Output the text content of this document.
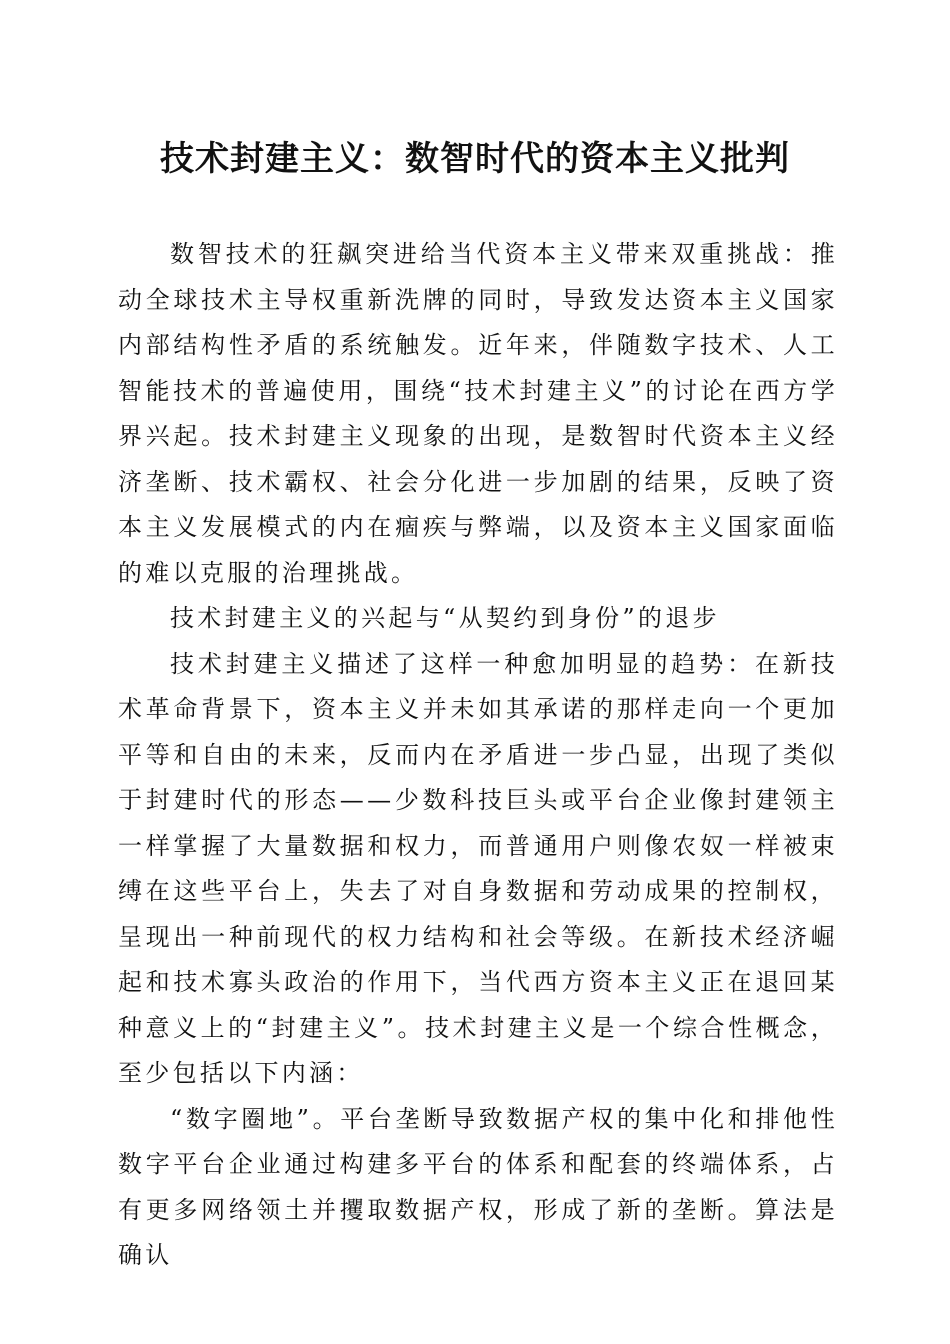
技术封建主义：数智时代的资本主义批判

数智技术的狂飙突进给当代资本主义带来双重挑战：推动全球技术主导权重新洗牌的同时，导致发达资本主义国家内部结构性矛盾的系统触发。近年来，伴随数字技术、人工智能技术的普遍使用，围绕“技术封建主义”的讨论在西方学界兴起。技术封建主义现象的出现，是数智时代资本主义经济垄断、技术霸权、社会分化进一步加剧的结果，反映了资本主义发展模式的内在痼疾与弊端，以及资本主义国家面临的难以克服的治理挑战。

技术封建主义的兴起与“从契约到身份”的退步

技术封建主义描述了这样一种愈加明显的趋势：在新技术革命背景下，资本主义并未如其承诺的那样走向一个更加平等和自由的未来，反而内在矛盾进一步凸显，出现了类似于封建时代的形态——少数科技巨头或平台企业像封建领主一样掌握了大量数据和权力，而普通用户则像农奴一样被束缚在这些平台上，失去了对自身数据和劳动成果的控制权，呈现出一种前现代的权力结构和社会等级。在新技术经济崛起和技术寡头政治的作用下，当代西方资本主义正在退回某种意义上的“封建主义”。技术封建主义是一个综合性概念，至少包括以下内涵：

“数字圈地”。平台垄断导致数据产权的集中化和排他性数字平台企业通过构建多平台的体系和配套的终端体系，占有更多网络领土并攫取数据产权，形成了新的垄断。算法是确认
